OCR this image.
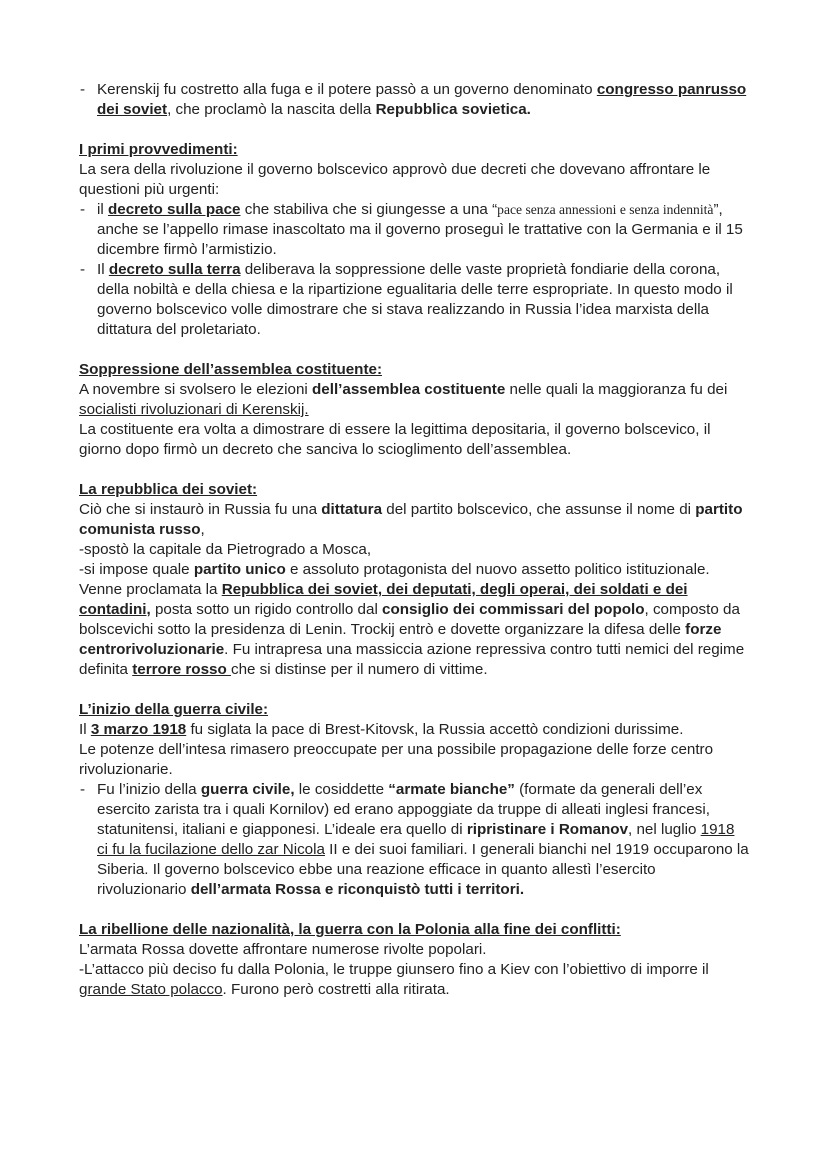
- Kerenskij fu costretto alla fuga e il potere passò a un governo denominato congresso panrusso dei soviet, che proclamò la nascita della Repubblica sovietica.

I primi provvedimenti:

La sera della rivoluzione il governo bolscevico approvò due decreti che dovevano affrontare le questioni più urgenti:

- il decreto sulla pace che stabiliva che si giungesse a una “pace senza annessioni e senza indennità”, anche se l’appello rimase inascoltato ma il governo proseguì le trattative con la Germania e il 15 dicembre firmò l’armistizio.

- Il decreto sulla terra deliberava la soppressione delle vaste proprietà fondiarie della corona, della nobiltà e della chiesa e la ripartizione egualitaria delle terre espropriate. In questo modo il governo bolscevico volle dimostrare che si stava realizzando in Russia l’idea marxista della dittatura del proletariato.

Soppressione dell’assemblea costituente:

A novembre si svolsero le elezioni dell’assemblea costituente nelle quali la maggioranza fu dei socialisti rivoluzionari di Kerenskij.

La costituente era volta a dimostrare di essere la legittima depositaria, il governo bolscevico, il giorno dopo firmò un decreto che sanciva lo scioglimento dell’assemblea.

La repubblica dei soviet:

Ciò che si instaurò in Russia fu una dittatura del partito bolscevico, che assunse il nome di partito comunista russo,

-spostò la capitale da Pietrogrado a Mosca,

-si impose quale partito unico e assoluto protagonista del nuovo assetto politico istituzionale.

Venne proclamata la Repubblica dei soviet, dei deputati, degli operai, dei soldati e dei contadini, posta sotto un rigido controllo dal consiglio dei commissari del popolo, composto da bolscevichi sotto la presidenza di Lenin. Trockij entrò e dovette organizzare la difesa delle forze centrorivoluzionarie. Fu intrapresa una massiccia azione repressiva contro tutti nemici del regime definita terrore rosso che si distinse per il numero di vittime.

L’inizio della guerra civile:

Il 3 marzo 1918 fu siglata la pace di Brest-Kitovsk, la Russia accettò condizioni durissime.

Le potenze dell’intesa rimasero preoccupate per una possibile propagazione delle forze centro rivoluzionarie.

- Fu l’inizio della guerra civile, le cosiddette “armate bianche” (formate da generali dell’ex esercito zarista tra i quali Kornilov) ed erano appoggiate da truppe di alleati inglesi francesi, statunitensi, italiani e giapponesi. L’ideale era quello di ripristinare i Romanov, nel luglio 1918 ci fu la fucilazione dello zar Nicola II e dei suoi familiari. I generali bianchi nel 1919 occuparono la Siberia. Il governo bolscevico ebbe una reazione efficace in quanto allestì l’esercito rivoluzionario dell’armata Rossa e riconquistò tutti i territori.

La ribellione delle nazionalità, la guerra con la Polonia alla fine dei conflitti:

L’armata Rossa dovette affrontare numerose rivolte popolari.

-L’attacco più deciso fu dalla Polonia, le truppe giunsero fino a Kiev con l’obiettivo di imporre il grande Stato polacco. Furono però costretti alla ritirata.
